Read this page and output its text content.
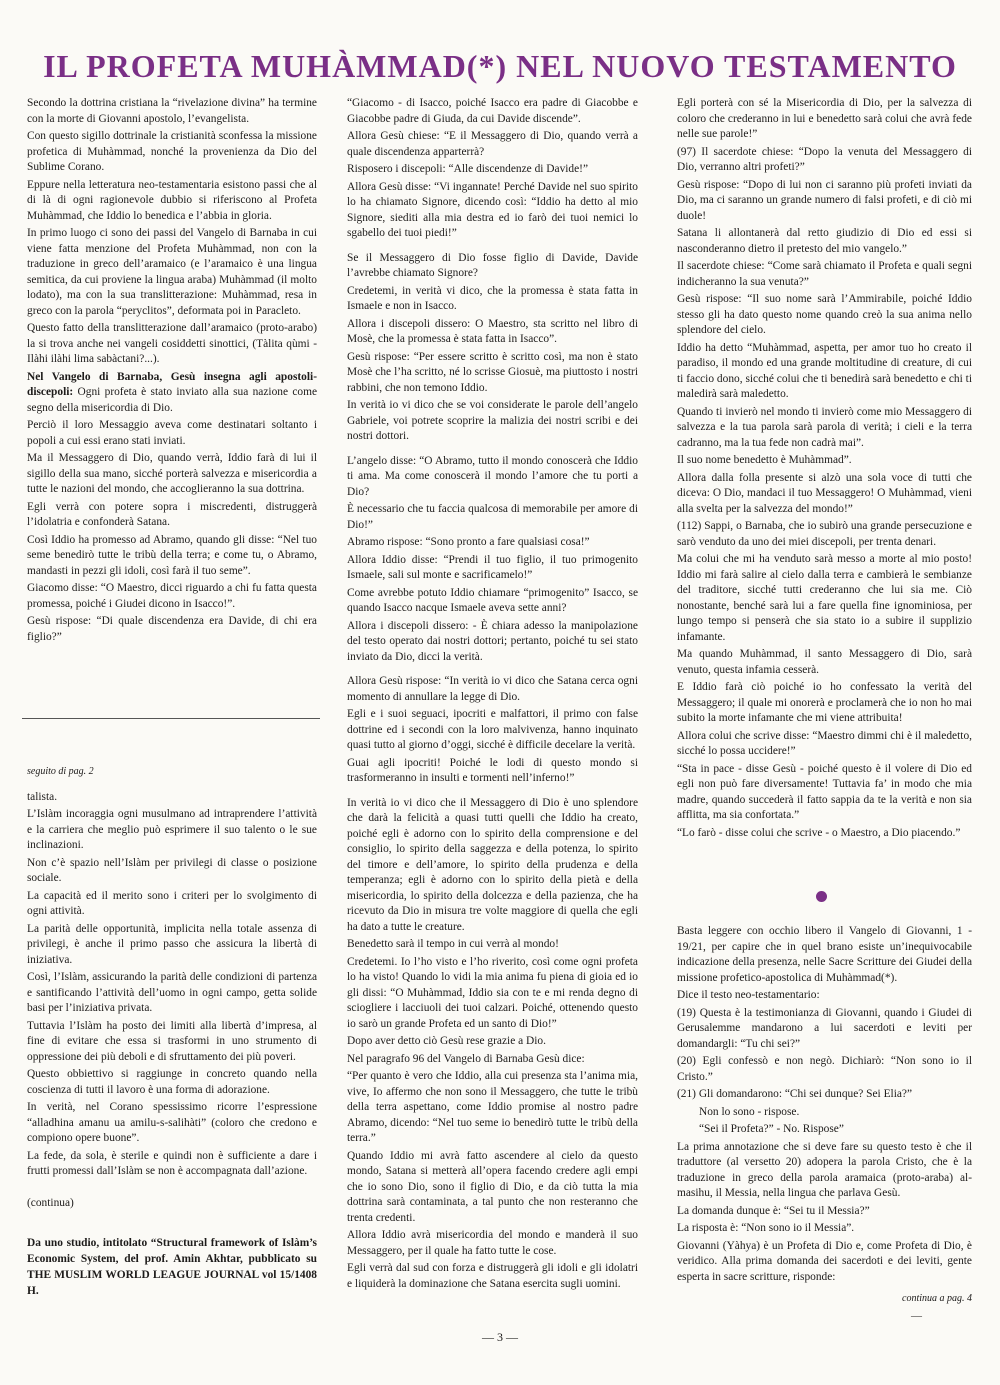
IL PROFETA MUHÀMMAD(*) NEL NUOVO TESTAMENTO

Secondo la dottrina cristiana la “rivelazione divina” ha termine con la morte di Giovanni apostolo, l’evangelista.

Con questo sigillo dottrinale la cristianità sconfessa la missione profetica di Muhàmmad, nonché la provenienza da Dio del Sublime Corano.

Eppure nella letteratura neo-testamentaria esistono passi che al di là di ogni ragionevole dubbio si riferiscono al Profeta Muhàmmad, che Iddio lo benedica e l’abbia in gloria.

In primo luogo ci sono dei passi del Vangelo di Barnaba in cui viene fatta menzione del Profeta Muhàmmad, non con la traduzione in greco dell’aramaico (e l’aramaico è una lingua semitica, da cui proviene la lingua araba) Muhàmmad (il molto lodato), ma con la sua translitterazione: Muhàmmad, resa in greco con la parola “peryclitos”, deformata poi in Paracleto.

Questo fatto della translitterazione dall’aramaico (proto-arabo) la si trova anche nei vangeli cosiddetti sinottici, (Tàlita qùmi - Ilàhi ilàhi lima sabàctani?...).

Nel Vangelo di Barnaba, Gesù insegna agli apostoli-discepoli: Ogni profeta è stato inviato alla sua nazione come segno della misericordia di Dio.

Perciò il loro Messaggio aveva come destinatari soltanto i popoli a cui essi erano stati inviati.

Ma il Messaggero di Dio, quando verrà, Iddio farà di lui il sigillo della sua mano, sicché porterà salvezza e misericordia a tutte le nazioni del mondo, che accoglieranno la sua dottrina.

Egli verrà con potere sopra i miscredenti, distruggerà l’idolatria e confonderà Satana.

Così Iddio ha promesso ad Abramo, quando gli disse: “Nel tuo seme benedirò tutte le tribù della terra; e come tu, o Abramo, mandasti in pezzi gli idoli, così farà il tuo seme”.

Giacomo disse: “O Maestro, dicci riguardo a chi fu fatta questa promessa, poiché i Giudei dicono in Isacco!”.

Gesù rispose: “Di quale discendenza era Davide, di chi era figlio?”

seguito di pag. 2

talista.

L’Islàm incoraggia ogni musulmano ad intraprendere l’attività e la carriera che meglio può esprimere il suo talento o le sue inclinazioni.

Non c’è spazio nell’Islàm per privilegi di classe o posizione sociale.

La capacità ed il merito sono i criteri per lo svolgimento di ogni attività.

La parità delle opportunità, implicita nella totale assenza di privilegi, è anche il primo passo che assicura la libertà di iniziativa.

Così, l’Islàm, assicurando la parità delle condizioni di partenza e santificando l’attività dell’uomo in ogni campo, getta solide basi per l’iniziativa privata.

Tuttavia l’Islàm ha posto dei limiti alla libertà d’impresa, al fine di evitare che essa si trasformi in uno strumento di oppressione dei più deboli e di sfruttamento dei più poveri.

Questo obbiettivo si raggiunge in concreto quando nella coscienza di tutti il lavoro è una forma di adorazione.

In verità, nel Corano spessissimo ricorre l’espressione “alladhina amanu ua amilu-s-salihàti” (coloro che credono e compiono opere buone”.

La fede, da sola, è sterile e quindi non è sufficiente a dare i frutti promessi dall’Islàm se non è accompagnata dall’azione.

(continua)

Da uno studio, intitolato “Structural framework of Islàm’s Economic System, del prof. Amin Akhtar, pubblicato su THE MUSLIM WORLD LEAGUE JOURNAL vol 15/1408 H.

“Giacomo - di Isacco, poiché Isacco era padre di Giacobbe e Giacobbe padre di Giuda, da cui Davide discende”.

Allora Gesù chiese: “E il Messaggero di Dio, quando verrà a quale discendenza apparterrà?

Risposero i discepoli: “Alle discendenze di Davide!”

Allora Gesù disse: “Vi ingannate! Perché Davide nel suo spirito lo ha chiamato Signore, dicendo così: “Iddio ha detto al mio Signore, siediti alla mia destra ed io farò dei tuoi nemici lo sgabello dei tuoi piedi!”

Se il Messaggero di Dio fosse figlio di Davide, Davide l’avrebbe chiamato Signore?

Credetemi, in verità vi dico, che la promessa è stata fatta in Ismaele e non in Isacco.

Allora i discepoli dissero: O Maestro, sta scritto nel libro di Mosè, che la promessa è stata fatta in Isacco”.

Gesù rispose: “Per essere scritto è scritto così, ma non è stato Mosè che l’ha scritto, né lo scrisse Giosuè, ma piuttosto i nostri rabbini, che non temono Iddio.

In verità io vi dico che se voi considerate le parole dell’angelo Gabriele, voi potrete scoprire la malizia dei nostri scribi e dei nostri dottori.

L’angelo disse: “O Abramo, tutto il mondo conoscerà che Iddio ti ama. Ma come conoscerà il mondo l’amore che tu porti a Dio?

È necessario che tu faccia qualcosa di memorabile per amore di Dio!”

Abramo rispose: “Sono pronto a fare qualsiasi cosa!”

Allora Iddio disse: “Prendi il tuo figlio, il tuo primogenito Ismaele, sali sul monte e sacrificamelo!”

Come avrebbe potuto Iddio chiamare “primogenito” Isacco, se quando Isacco nacque Ismaele aveva sette anni?

Allora i discepoli dissero: - È chiara adesso la manipolazione del testo operato dai nostri dottori; pertanto, poiché tu sei stato inviato da Dio, dicci la verità.

Allora Gesù rispose: “In verità io vi dico che Satana cerca ogni momento di annullare la legge di Dio.

Egli e i suoi seguaci, ipocriti e malfattori, il primo con false dottrine ed i secondi con la loro malvivenza, hanno inquinato quasi tutto al giorno d’oggi, sicché è difficile decelare la verità.

Guai agli ipocriti! Poiché le lodi di questo mondo si trasformeranno in insulti e tormenti nell’inferno!”

In verità io vi dico che il Messaggero di Dio è uno splendore che darà la felicità a quasi tutti quelli che Iddio ha creato, poiché egli è adorno con lo spirito della comprensione e del consiglio, lo spirito della saggezza e della potenza, lo spirito del timore e dell’amore, lo spirito della prudenza e della temperanza; egli è adorno con lo spirito della pietà e della misericordia, lo spirito della dolcezza e della pazienza, che ha ricevuto da Dio in misura tre volte maggiore di quella che egli ha dato a tutte le creature.

Benedetto sarà il tempo in cui verrà al mondo!

Credetemi. Io l’ho visto e l’ho riverito, così come ogni profeta lo ha visto! Quando lo vidi la mia anima fu piena di gioia ed io gli dissi: “O Muhàmmad, Iddio sia con te e mi renda degno di sciogliere i lacciuoli dei tuoi calzari. Poiché, ottenendo questo io sarò un grande Profeta ed un santo di Dio!”

Dopo aver detto ciò Gesù rese grazie a Dio.

Nel paragrafo 96 del Vangelo di Barnaba Gesù dice:

“Per quanto è vero che Iddio, alla cui presenza sta l’anima mia, vive, Io affermo che non sono il Messaggero, che tutte le tribù della terra aspettano, come Iddio promise al nostro padre Abramo, dicendo: “Nel tuo seme io benedirò tutte le tribù della terra.”

Quando Iddio mi avrà fatto ascendere al cielo da questo mondo, Satana si metterà all’opera facendo credere agli empi che io sono Dio, sono il figlio di Dio, e da ciò tutta la mia dottrina sarà contaminata, a tal punto che non resteranno che trenta credenti.

Allora Iddio avrà misericordia del mondo e manderà il suo Messaggero, per il quale ha fatto tutte le cose.

Egli verrà dal sud con forza e distruggerà gli idoli e gli idolatri e liquiderà la dominazione che Satana esercita sugli uomini.

Egli porterà con sé la Misericordia di Dio, per la salvezza di coloro che crederanno in lui e benedetto sarà colui che avrà fede nelle sue parole!”

(97) Il sacerdote chiese: “Dopo la venuta del Messaggero di Dio, verranno altri profeti?”

Gesù rispose: “Dopo di lui non ci saranno più profeti inviati da Dio, ma ci saranno un grande numero di falsi profeti, e di ciò mi duole!

Satana li allontanerà dal retto giudizio di Dio ed essi si nasconderanno dietro il pretesto del mio vangelo.”

Il sacerdote chiese: “Come sarà chiamato il Profeta e quali segni indicheranno la sua venuta?”

Gesù rispose: “Il suo nome sarà l’Ammirabile, poiché Iddio stesso gli ha dato questo nome quando creò la sua anima nello splendore del cielo.

Iddio ha detto “Muhàmmad, aspetta, per amor tuo ho creato il paradiso, il mondo ed una grande moltitudine di creature, di cui ti faccio dono, sicché colui che ti benedirà sarà benedetto e chi ti maledirà sarà maledetto.

Quando ti invierò nel mondo ti invierò come mio Messaggero di salvezza e la tua parola sarà parola di verità; i cieli e la terra cadranno, ma la tua fede non cadrà mai”.

Il suo nome benedetto è Muhàmmad”.

Allora dalla folla presente si alzò una sola voce di tutti che diceva: O Dio, mandaci il tuo Messaggero! O Muhàmmad, vieni alla svelta per la salvezza del mondo!”

(112) Sappi, o Barnaba, che io subirò una grande persecuzione e sarò venduto da uno dei miei discepoli, per trenta denari.

Ma colui che mi ha venduto sarà messo a morte al mio posto! Iddio mi farà salire al cielo dalla terra e cambierà le sembianze del traditore, sicché tutti crederanno che lui sia me. Ciò nonostante, benché sarà lui a fare quella fine ignominiosa, per lungo tempo si penserà che sia stato io a subire il supplizio infamante.

Ma quando Muhàmmad, il santo Messaggero di Dio, sarà venuto, questa infamia cesserà.

E Iddio farà ciò poiché io ho confessato la verità del Messaggero; il quale mi onorerà e proclamerà che io non ho mai subito la morte infamante che mi viene attribuita!

Allora colui che scrive disse: “Maestro dimmi chi è il maledetto, sicché lo possa uccidere!”

“Sta in pace - disse Gesù - poiché questo è il volere di Dio ed egli non può fare diversamente! Tuttavia fa’ in modo che mia madre, quando succederà il fatto sappia da te la verità e non sia afflitta, ma sia confortata.”

“Lo farò - disse colui che scrive - o Maestro, a Dio piacendo.”

Basta leggere con occhio libero il Vangelo di Giovanni, 1 - 19/21, per capire che in quel brano esiste un’inequivocabile indicazione della presenza, nelle Sacre Scritture dei Giudei della missione profetico-apostolica di Muhàmmad(*).

Dice il testo neo-testamentario:

(19) Questa è la testimonianza di Giovanni, quando i Giudei di Gerusalemme mandarono a lui sacerdoti e leviti per domandargli: “Tu chi sei?”

(20) Egli confessò e non negò. Dichiarò: “Non sono io il Cristo.”

(21) Gli domandarono: “Chi sei dunque? Sei Elia?”

Non lo sono - rispose.

“Sei il Profeta?” - No. Rispose”

La prima annotazione che si deve fare su questo testo è che il traduttore (al versetto 20) adopera la parola Cristo, che è la traduzione in greco della parola aramaica (proto-araba) al-masihu, il Messia, nella lingua che parlava Gesù.

La domanda dunque è: “Sei tu il Messia?”

La risposta è: “Non sono io il Messia”.

Giovanni (Yàhya) è un Profeta di Dio e, come Profeta di Dio, è veridico. Alla prima domanda dei sacerdoti e dei leviti, gente esperta in sacre scritture, risponde:

continua a pag. 4

—

— 3 —
